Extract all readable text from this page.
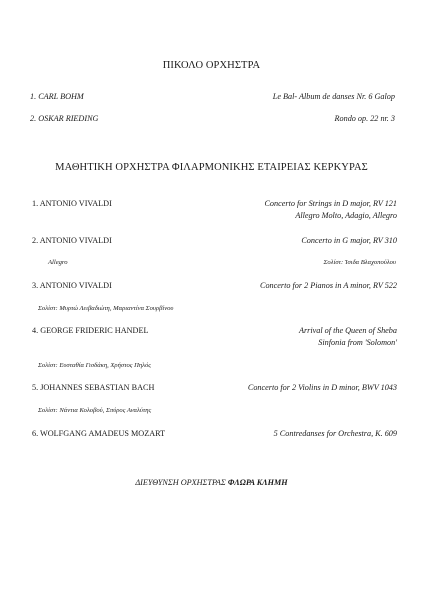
ΠΙΚΟΛΟ ΟΡΧΗΣΤΡΑ
1. CARL BOHM	Le Bal- Album de danses Nr. 6 Galop
2. OSKAR RIEDING	Rondo op. 22 nr. 3
ΜΑΘΗΤΙΚΗ ΟΡΧΗΣΤΡΑ ΦΙΛΑΡΜΟΝΙΚΗΣ ΕΤΑΙΡΕΙΑΣ ΚΕΡΚΥΡΑΣ
1. ANTONIO VIVALDI	Concerto for Strings in D major, RV 121
Allegro Molto, Adagio, Allegro
2. ANTONIO VIVALDI	Concerto in G major, RV 310
Allegro	Σολίστ: Ίσιδα Βλαχοπούλου
3. ANTONIO VIVALDI	Concerto for 2 Pianos in A minor, RV 522
Σολίστ: Μυρτώ Λειβαδιώτη, Μαριαντίνα Σουρβίνου
4. GEORGE FRIDERIC HANDEL	Arrival of the Queen of Sheba
Sinfonia from 'Solomon'
Σολίστ: Ευσταθία Γισδάκη, Χρήστος Πηλός
5. JOHANNES SEBASTIAN BACH	Concerto for 2 Violins in D minor, BWV 1043
Σολίστ: Νάντια Κολοβού, Σπύρος Αναλύτης
6. WOLFGANG AMADEUS MOZART	5 Contredanses for Orchestra, K. 609
ΔΙΕΥΘΥΝΣΗ ΟΡΧΗΣΤΡΑΣ ΦΛΩΡΑ ΚΛΗΜΗ
